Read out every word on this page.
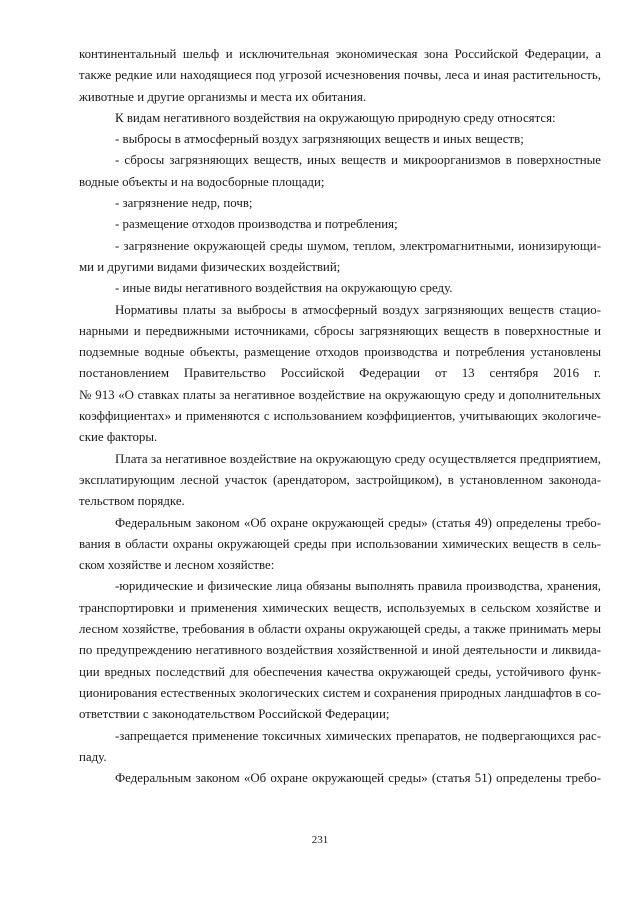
континентальный шельф и исключительная экономическая зона Российской Федерации, а
также редкие или находящиеся под угрозой исчезновения почвы, леса и иная растительность,
животные и другие организмы и места их обитания.
К видам негативного воздействия на окружающую природную среду относятся:
- выбросы в атмосферный воздух загрязняющих веществ и иных веществ;
- сбросы загрязняющих веществ, иных веществ и микроорганизмов в поверхностные
водные объекты и на водосборные площади;
- загрязнение недр, почв;
- размещение отходов производства и потребления;
- загрязнение окружающей среды шумом, теплом, электромагнитными, ионизирующи-
ми и другими видами физических воздействий;
- иные виды негативного воздействия на окружающую среду.
Нормативы платы за выбросы в атмосферный воздух загрязняющих веществ стацио-
нарными и передвижными источниками, сбросы загрязняющих веществ в поверхностные и
подземные водные объекты, размещение отходов производства и потребления установлены
постановлением Правительство Российской Федерации от 13 сентября 2016 г.
№ 913 «О ставках платы за негативное воздействие на окружающую среду и дополнительных
коэффициентах» и применяются с использованием коэффициентов, учитывающих экологиче-
ские факторы.
Плата за негативное воздействие на окружающую среду осуществляется предприятием,
эксплатирующим лесной участок (арендатором, застройщиком), в установленном законода-
тельством порядке.
Федеральным законом «Об охране окружающей среды» (статья 49) определены требо-
вания в области охраны окружающей среды при использовании химических веществ в сель-
ском хозяйстве и лесном хозяйстве:
-юридические и физические лица обязаны выполнять правила производства, хранения,
транспортировки и применения химических веществ, используемых в сельском хозяйстве и
лесном хозяйстве, требования в области охраны окружающей среды, а также принимать меры
по предупреждению негативного воздействия хозяйственной и иной деятельности и ликвида-
ции вредных последствий для обеспечения качества окружающей среды, устойчивого функ-
ционирования естественных экологических систем и сохранения природных ландшафтов в со-
ответствии с законодательством Российской Федерации;
-запрещается применение токсичных химических препаратов, не подвергающихся рас-
паду.
Федеральным законом «Об охране окружающей среды» (статья 51) определены требо-
231
